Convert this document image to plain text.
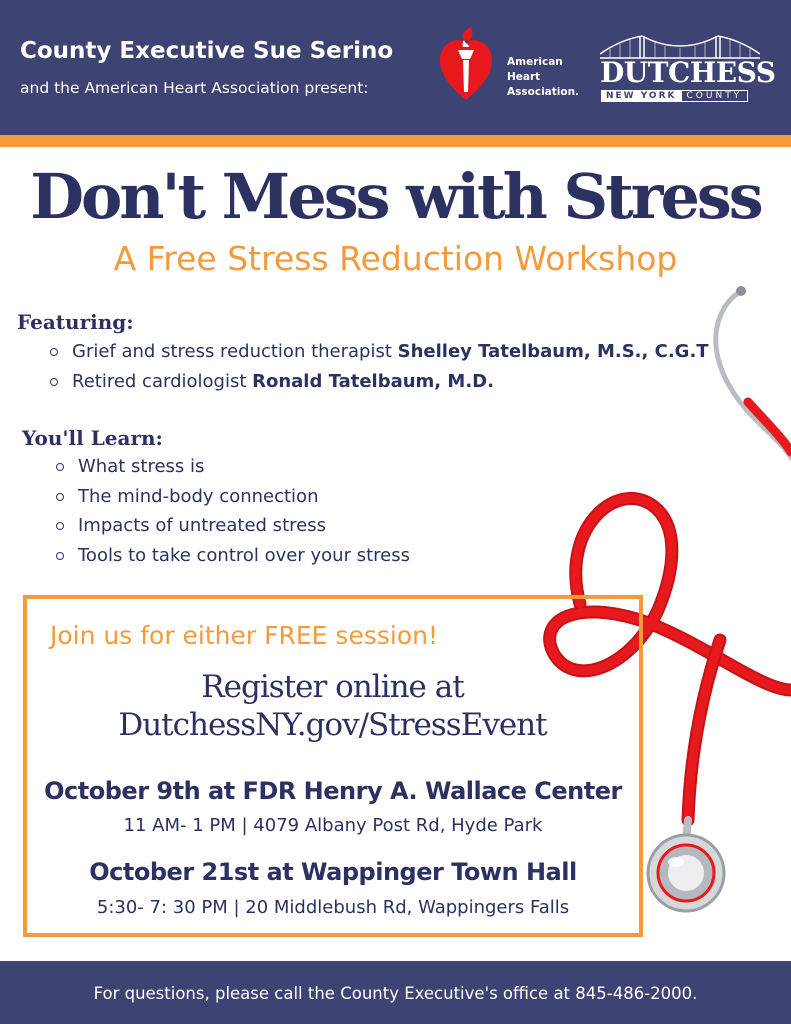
County Executive Sue Serino
and the American Heart Association present:
American
Heart
Association.
DUTCHESS
NEW YORK	COUNTY
Don't Mess with Stress
A Free Stress Reduction Workshop
Featuring:
Grief and stress reduction therapist Shelley Tatelbaum, M.S., C.G.T
Retired cardiologist Ronald Tatelbaum, M.D.
You'll Learn:
What stress is
The mind-body connection
Impacts of untreated stress
Tools to take control over your stress
Join us for either FREE session!
Register online at
DutchessNY.gov/StressEvent
October 9th at FDR Henry A. Wallace Center
11 AM- 1 PM | 4079 Albany Post Rd, Hyde Park
October 21st at Wappinger Town Hall
5:30- 7: 30 PM | 20 Middlebush Rd, Wappingers Falls
For questions, please call the County Executive's office at 845-486-2000.
